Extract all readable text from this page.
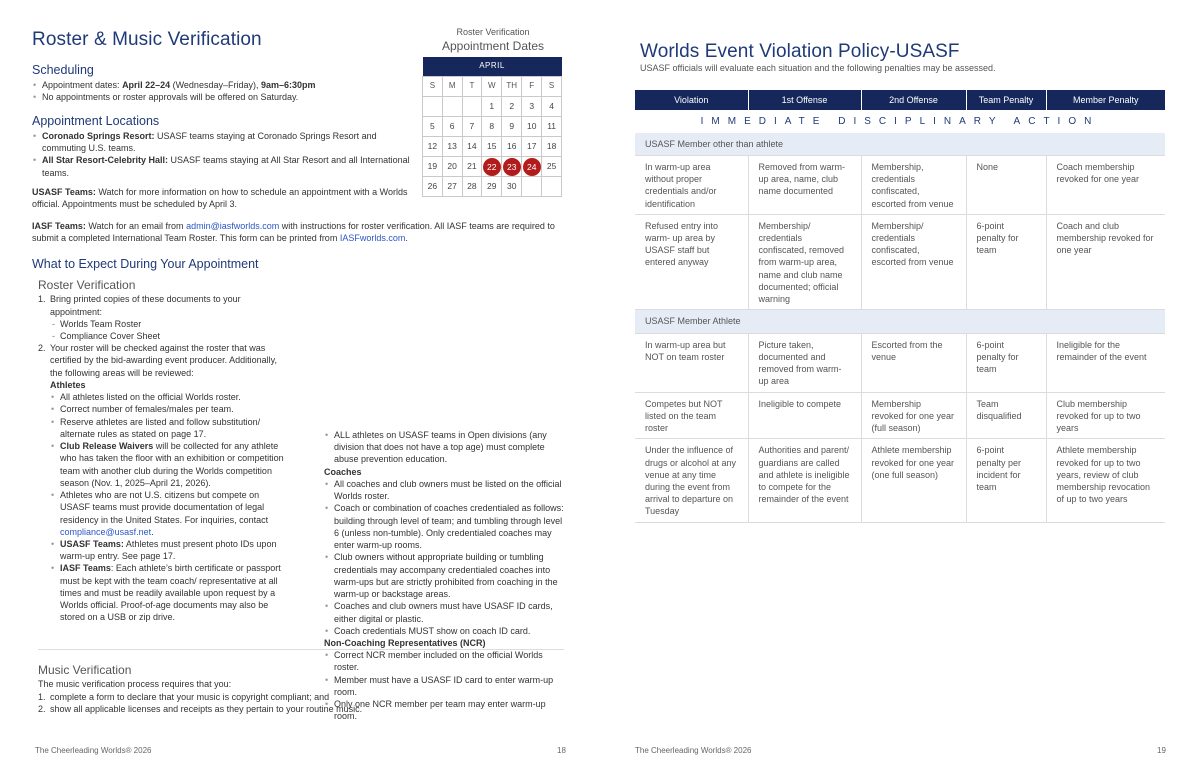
Roster & Music Verification
Scheduling
• Appointment dates: April 22–24 (Wednesday–Friday), 9am–6:30pm
• No appointments or roster approvals will be offered on Saturday.
Appointment Locations
• Coronado Springs Resort: USASF teams staying at Coronado Springs Resort and commuting U.S. teams.
• All Star Resort-Celebrity Hall: USASF teams staying at All Star Resort and all International teams.

USASF Teams: Watch for more information on how to schedule an appointment with a Worlds official. Appointments must be scheduled by April 3.

IASF Teams: Watch for an email from admin@iasfworlds.com with instructions for roster verification. All IASF teams are required to submit a completed International Team Roster. This form can be printed from IASFworlds.com.

Roster Verification
Appointment Dates
APRIL						
S	M	T	W	TH	F	S
			1	2	3	4
5	6	7	8	9	10	11
12	13	14	15	16	17	18
19	20	21	22	23	24	25
26	27	28	29	30		
What to Expect During Your Appointment
Roster Verification
1. Bring printed copies of these documents to your appointment:
- Worlds Team Roster
- Compliance Cover Sheet
2. Your roster will be checked against the roster that was certified by the bid-awarding event producer. Additionally, the following areas will be reviewed:
Athletes
• All athletes listed on the official Worlds roster.
• Correct number of females/males per team.
• Reserve athletes are listed and follow substitution/ alternate rules as stated on page 17.
• Club Release Waivers will be collected for any athlete who has taken the floor with an exhibition or competition team with another club during the Worlds competition season (Nov. 1, 2025–April 21, 2026).
• Athletes who are not U.S. citizens but compete on USASF teams must provide documentation of legal residency in the United States. For inquiries, contact compliance@usasf.net.
• USASF Teams: Athletes must present photo IDs upon warm-up entry. See page 17.
• IASF Teams: Each athlete’s birth certificate or passport must be kept with the team coach/ representative at all times and must be readily available upon request by a Worlds official. Proof-of-age documents may also be stored on a USB or zip drive.
• ALL athletes on USASF teams in Open divisions (any division that does not have a top age) must complete abuse prevention education.
Coaches
• All coaches and club owners must be listed on the official Worlds roster.
• Coach or combination of coaches credentialed as follows: building through level of team; and tumbling through level 6 (unless non-tumble). Only credentialed coaches may enter warm-up rooms.
• Club owners without appropriate building or tumbling credentials may accompany credentialed coaches into warm-ups but are strictly prohibited from coaching in the warm-up or backstage areas.
• Coaches and club owners must have USASF ID cards, either digital or plastic.
• Coach credentials MUST show on coach ID card.
Non-Coaching Representatives (NCR)
• Correct NCR member included on the official Worlds roster.
• Member must have a USASF ID card to enter warm-up room.
• Only one NCR member per team may enter warm-up room.
Music Verification

The music verification process requires that you:

1. complete a form to declare that your music is copyright compliant; and
2. show all applicable licenses and receipts as they pertain to your routine music.
The Cheerleading Worlds® 2026	18
Worlds Event Violation Policy-USASF

USASF officials will evaluate each situation and the following penalties may be assessed.

Violation	1st Offense	2nd Offense	Team Penalty	Member Penalty
IMMEDIATE DISCIPLINARY ACTION				
USASF Member other than athlete				
In warm-up area without proper credentials and/or identification	Removed from warm-up area, name, club name documented	Membership, credentials confiscated, escorted from venue	None	Coach membership revoked for one year
Refused entry into warm- up area by USASF staff but entered anyway	Membership/ credentials confiscated, removed from warm-up area, name and club name documented; official warning	Membership/ credentials confiscated, escorted from venue	6-point penalty for team	Coach and club membership revoked for one year
USASF Member Athlete				
In warm-up area but NOT on team roster	Picture taken, documented and removed from warm-up area	Escorted from the venue	6-point penalty for team	Ineligible for the remainder of the event
Competes but NOT listed on the team roster	Ineligible to compete	Membership revoked for one year (full season)	Team disqualified	Club membership revoked for up to two years
Under the influence of drugs or alcohol at any venue at any time during the event from arrival to departure on Tuesday	Authorities and parent/ guardians are called and athlete is ineligible to compete for the remainder of the event	Athlete membership revoked for one year (one full season)	6-point penalty per incident for team	Athlete membership revoked for up to two years, review of club membership revocation of up to two years
The Cheerleading Worlds® 2026	19
